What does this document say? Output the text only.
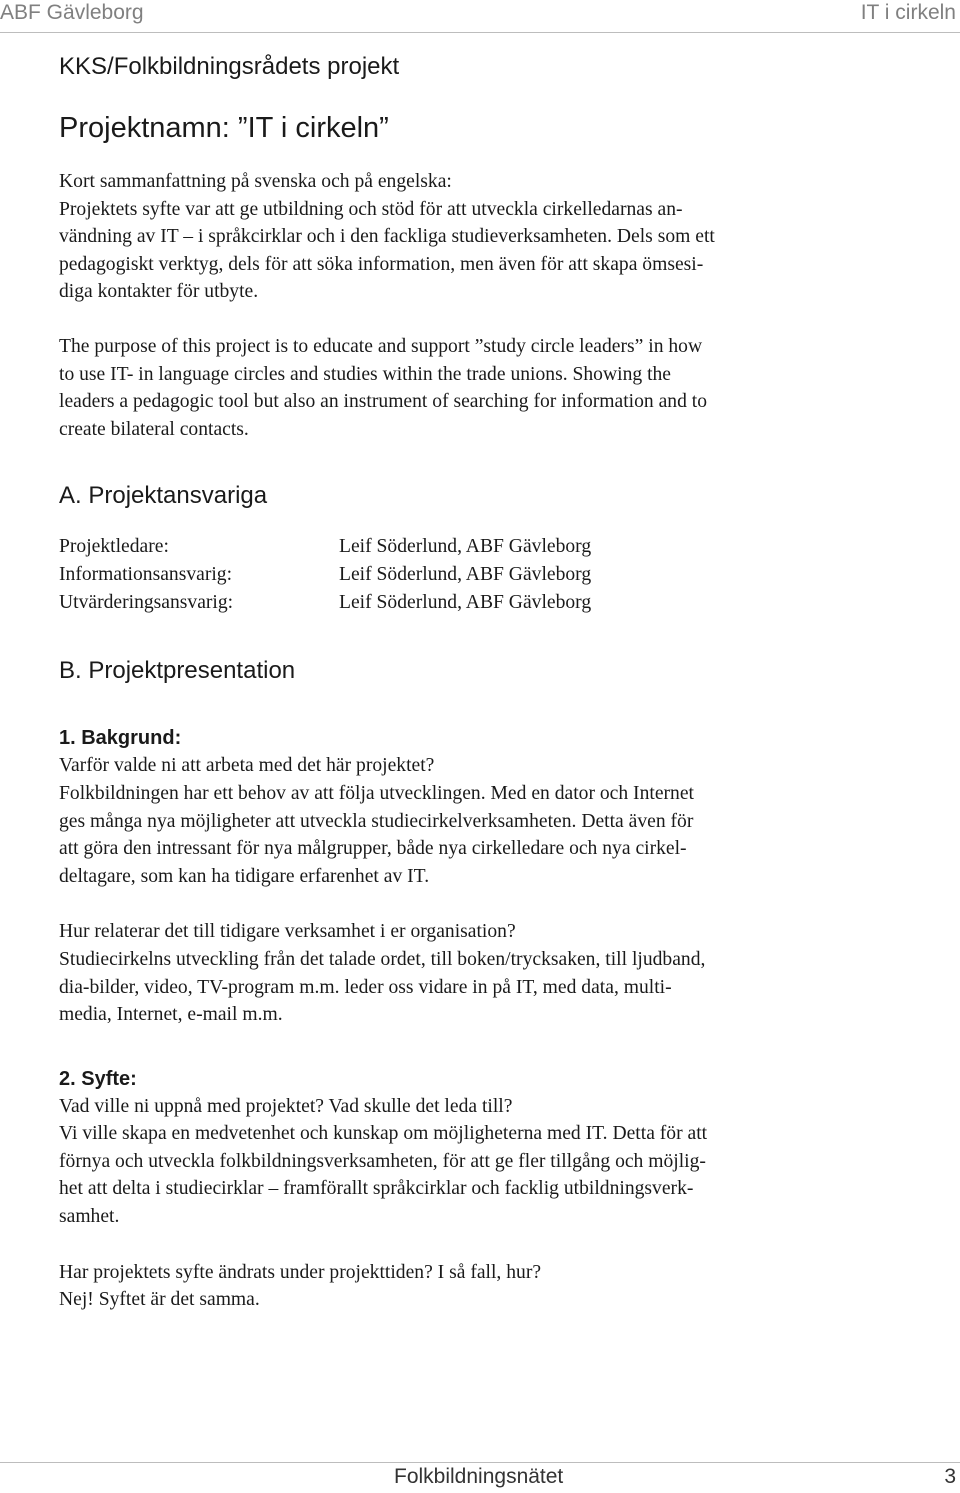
ABF Gävleborg	IT i cirkeln
KKS/Folkbildningsrådets projekt
Projektnamn: ”IT i cirkeln”

Kort sammanfattning på svenska och på engelska:

Projektets syfte var att ge utbildning och stöd för att utveckla cirkelledarnas an-

vändning av IT – i språkcirklar och i den fackliga studieverksamheten. Dels som ett

pedagogiskt verktyg, dels för att söka information, men även för att skapa ömsesi-

diga kontakter för utbyte.

The purpose of this project is to educate and support ”study circle leaders” in how

to use IT- in language circles and studies within the trade unions. Showing the

leaders a pedagogic tool but also an instrument of searching for information and to

create bilateral contacts.

A. Projektansvariga
Projektledare:	Leif Söderlund, ABF Gävleborg
Informationsansvarig:	Leif Söderlund, ABF Gävleborg
Utvärderingsansvarig:	Leif Söderlund, ABF Gävleborg
B. Projektpresentation
1. Bakgrund:

Varför valde ni att arbeta med det här projektet?

Folkbildningen har ett behov av att följa utvecklingen. Med en dator och Internet

ges många nya möjligheter att utveckla studiecirkelverksamheten. Detta även för

att göra den intressant för nya målgrupper, både nya cirkelledare och nya cirkel-

deltagare, som kan ha tidigare erfarenhet av IT.

Hur relaterar det till tidigare verksamhet i er organisation?

Studiecirkelns utveckling från det talade ordet, till boken/trycksaken, till ljudband,

dia-bilder, video, TV-program m.m. leder oss vidare in på IT, med data, multi-

media, Internet, e-mail m.m.

2. Syfte:

Vad ville ni uppnå med projektet? Vad skulle det leda till?

Vi ville skapa en medvetenhet och kunskap om möjligheterna med IT. Detta för att

förnya och utveckla folkbildningsverksamheten, för att ge fler tillgång och möjlig-

het att delta i studiecirklar – framförallt språkcirklar och facklig utbildningsverk-

samhet.

Har projektets syfte ändrats under projekttiden? I så fall, hur?

Nej! Syftet är det samma.

Folkbildningsnätet	3
